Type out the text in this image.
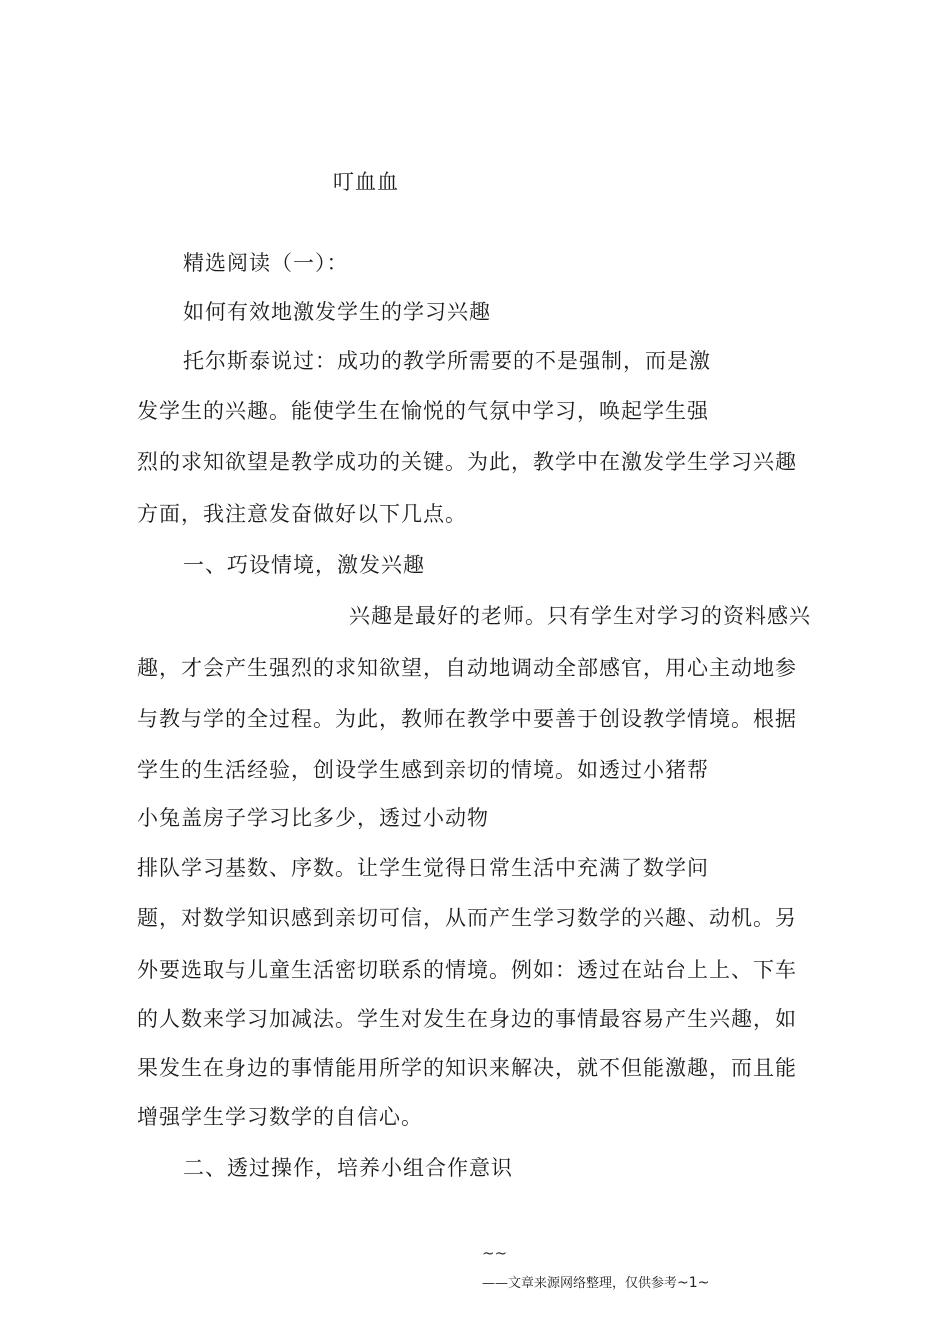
叮血血
精选阅读（一）：
如何有效地激发学生的学习兴趣
托尔斯泰说过：成功的教学所需要的不是强制，而是激
发学生的兴趣。能使学生在愉悦的气氛中学习，唤起学生强
烈的求知欲望是教学成功的关键。为此，教学中在激发学生学习兴趣
方面，我注意发奋做好以下几点。
一、巧设情境，激发兴趣
兴趣是最好的老师。只有学生对学习的资料感兴
趣，才会产生强烈的求知欲望，自动地调动全部感官，用心主动地参
与教与学的全过程。为此，教师在教学中要善于创设教学情境。根据
学生的生活经验，创设学生感到亲切的情境。如透过小猪帮
小兔盖房子学习比多少，透过小动物
排队学习基数、序数。让学生觉得日常生活中充满了数学问
题，对数学知识感到亲切可信，从而产生学习数学的兴趣、动机。另
外要选取与儿童生活密切联系的情境。例如：透过在站台上上、下车
的人数来学习加减法。学生对发生在身边的事情最容易产生兴趣，如
果发生在身边的事情能用所学的知识来解决，就不但能激趣，而且能
增强学生学习数学的自信心。
二、透过操作，培养小组合作意识
~~
——文章来源网络整理，仅供参考~1~
